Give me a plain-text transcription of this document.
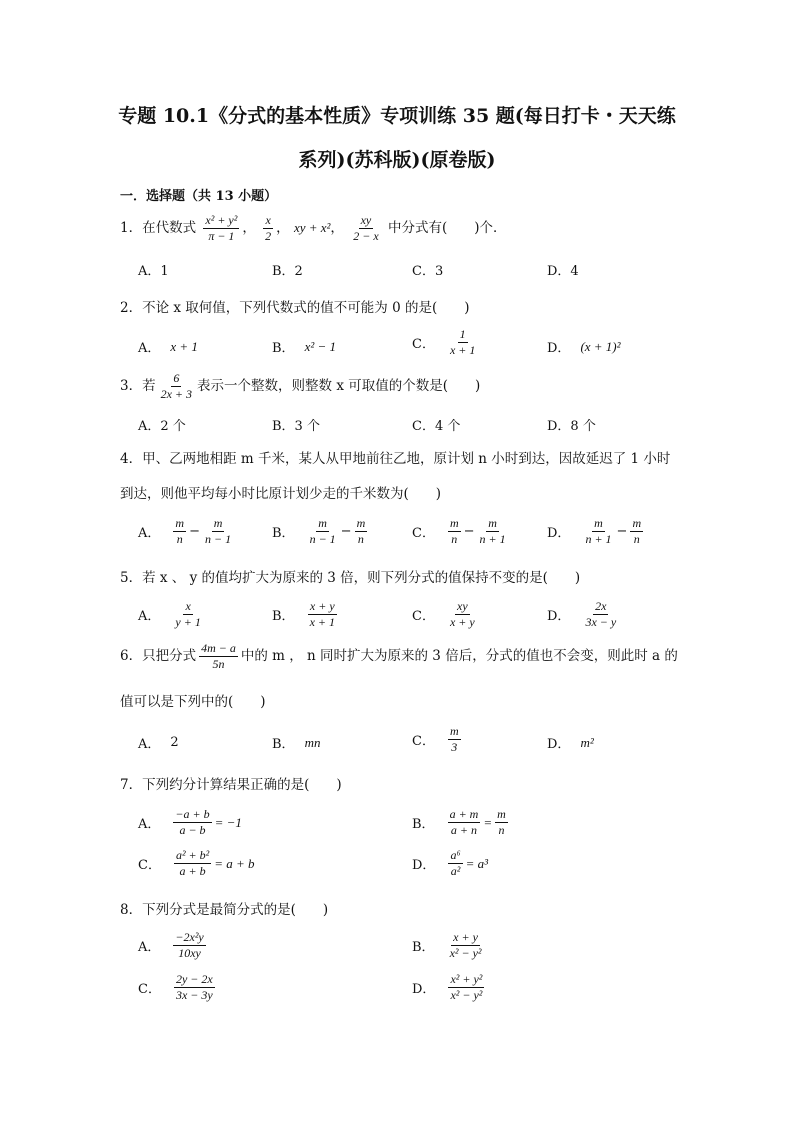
专题 10.1《分式的基本性质》专项训练 35 题(每日打卡・天天练
系列)(苏科版)(原卷版)
一．选择题（共 13 小题）
1．在代数式 $\frac{\text{x² + y²}}{\pi - 1}$ ， $\frac{x}{2}$ ， xy + x²， $\frac{xy}{2 - x}$ 中分式有(　　)个．
A．1	B．2	C．3	D．4
2．不论 x 取何值，下列代数式的值不可能为 0 的是(　　)
A． x + 1	B． x² − 1	C． $\frac{1}{x + 1}$	D． (x + 1)²
3．若 $\frac{6}{2x + 3}$ 表示一个整数，则整数 x 可取值的个数是(　　)
A．2 个	B．3 个	C．4 个	D．8 个
4．甲、乙两地相距 m 千米，某人从甲地前往乙地，原计划 n 小时到达，因故延迟了 1 小时
到达，则他平均每小时比原计划少走的千米数为(　　)
A． $\frac{m}{n} - \frac{m}{n - 1}$	B． $\frac{m}{n - 1} - \frac{m}{n}$	C． $\frac{m}{n} - \frac{m}{n + 1}$	D． $\frac{m}{n + 1} - \frac{m}{n}$
5．若 x 、 y 的值均扩大为原来的 3 倍，则下列分式的值保持不变的是(　　)
A． $\frac{x}{y + 1}$	B． $\frac{x + y}{x + 1}$	C． $\frac{xy}{x + y}$	D． $\frac{2x}{3x - y}$
6．只把分式 $\frac{4m - a}{5n}$ 中的 m ， n 同时扩大为原来的 3 倍后，分式的值也不会变，则此时 a 的
值可以是下列中的(　　)
A． 2	B． mn	C． $\frac{m}{3}$	D． m²
7．下列约分计算结果正确的是(　　)
A． $\frac{-a + b}{a - b} = -1$	B． $\frac{a + m}{a + n} = \frac{m}{n}$
C． $\frac{\text{a² + b²}}{a + b} = a + b$	D． $\frac{\text{a⁶}}{\text{a²}} = a^3$
8．下列分式是最简分式的是(　　)
A． $\frac{\text{−2x²y}}{10xy}$	B． $\frac{x + y}{\text{x² − y²}}$
C． $\frac{2y - 2x}{3x - 3y}$	D． $\frac{\text{x² + y²}}{\text{x² − y²}}$
